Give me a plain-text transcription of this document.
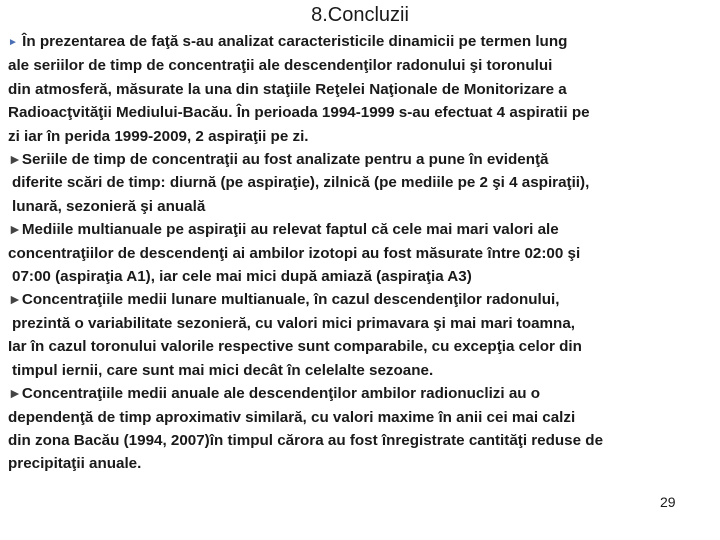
8.Concluzii
► În prezentarea de faţă s-au analizat caracteristicile dinamicii pe termen lung
ale seriilor de timp de concentraţii ale descendenţilor radonului şi toronului
din atmosferă, măsurate la una din staţiile Reţelei Naţionale de Monitorizare a
Radioacţvităţii Mediului-Bacău. În perioada 1994-1999 s-au efectuat 4 aspiratii pe
zi iar în perida 1999-2009, 2 aspiraţii pe zi.
►Seriile de timp de concentraţii au fost analizate pentru a pune în evidenţă
diferite scări de timp: diurnă (pe aspiraţie), zilnică (pe mediile pe 2 şi 4 aspiraţii),
lunară, sezonieră şi anuală
►Mediile multianuale pe aspiraţii au relevat faptul că cele mai mari valori ale
concentraţiilor de descendenţi ai ambilor izotopi au fost măsurate între 02:00 şi
07:00 (aspiraţia A1), iar cele mai mici după amiază (aspiraţia A3)
►Concentraţiile medii lunare multianuale, în cazul descendenţilor radonului,
prezintă o variabilitate sezonieră, cu valori mici primavara şi mai mari toamna,
Iar în cazul toronului valorile respective sunt comparabile, cu excepţia celor din
timpul iernii, care sunt mai mici decât în celelalte sezoane.
►Concentraţiile medii anuale ale descendenţilor ambilor radionuclizi au o
dependenţă de timp aproximativ similară, cu valori maxime în anii cei mai calzi
din zona Bacău (1994, 2007)în timpul cărora au fost înregistrate cantităţi reduse de
precipitaţii anuale.
29
